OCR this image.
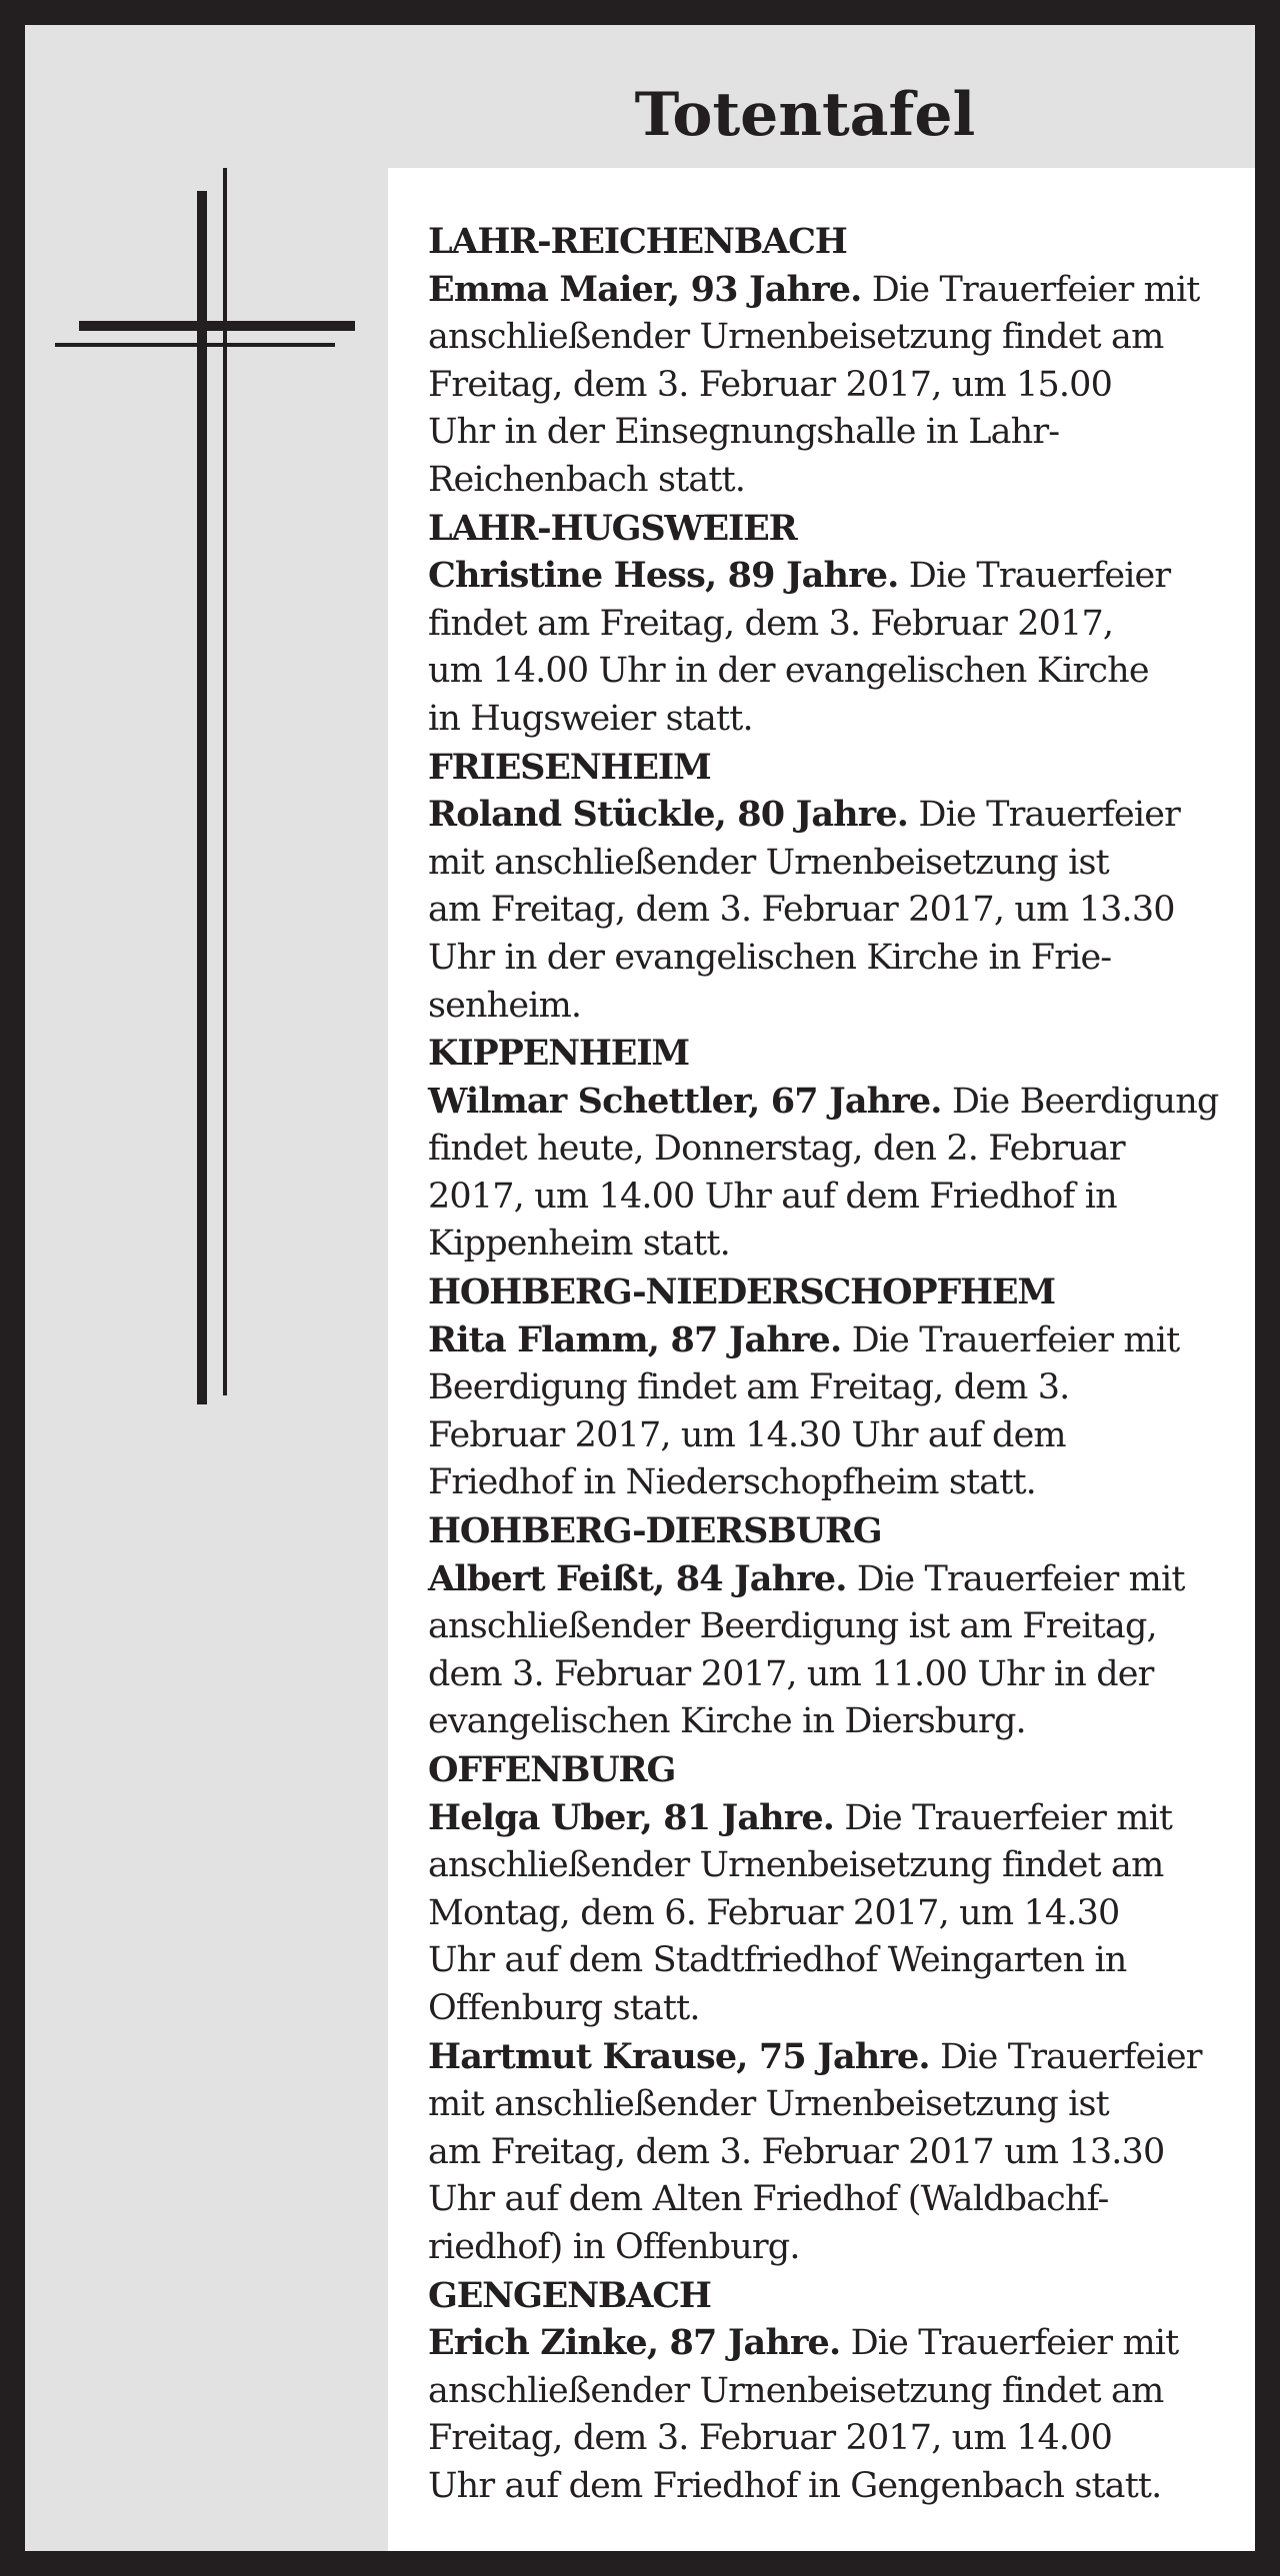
Totentafel
LAHR-REICHENBACH
Emma Maier, 93 Jahre. Die Trauerfeier mit
anschließender Urnenbeisetzung findet am
Freitag, dem 3. Februar 2017, um 15.00
Uhr in der Einsegnungshalle in Lahr-
Reichenbach statt.
LAHR-HUGSWEIER
Christine Hess, 89 Jahre. Die Trauerfeier
findet am Freitag, dem 3. Februar 2017,
um 14.00 Uhr in der evangelischen Kirche
in Hugsweier statt.
FRIESENHEIM
Roland Stückle, 80 Jahre. Die Trauerfeier
mit anschließender Urnenbeisetzung ist
am Freitag, dem 3. Februar 2017, um 13.30
Uhr in der evangelischen Kirche in Frie-
senheim.
KIPPENHEIM
Wilmar Schettler, 67 Jahre. Die Beerdigung
findet heute, Donnerstag, den 2. Februar
2017, um 14.00 Uhr auf dem Friedhof in
Kippenheim statt.
HOHBERG-NIEDERSCHOPFHEM
Rita Flamm, 87 Jahre. Die Trauerfeier mit
Beerdigung findet am Freitag, dem 3.
Februar 2017, um 14.30 Uhr auf dem
Friedhof in Niederschopfheim statt.
HOHBERG-DIERSBURG
Albert Feißt, 84 Jahre. Die Trauerfeier mit
anschließender Beerdigung ist am Freitag,
dem 3. Februar 2017, um 11.00 Uhr in der
evangelischen Kirche in Diersburg.
OFFENBURG
Helga Uber, 81 Jahre. Die Trauerfeier mit
anschließender Urnenbeisetzung findet am
Montag, dem 6. Februar 2017, um 14.30
Uhr auf dem Stadtfriedhof Weingarten in
Offenburg statt.
Hartmut Krause, 75 Jahre. Die Trauerfeier
mit anschließender Urnenbeisetzung ist
am Freitag, dem 3. Februar 2017 um 13.30
Uhr auf dem Alten Friedhof (Waldbachf-
riedhof) in Offenburg.
GENGENBACH
Erich Zinke, 87 Jahre. Die Trauerfeier mit
anschließender Urnenbeisetzung findet am
Freitag, dem 3. Februar 2017, um 14.00
Uhr auf dem Friedhof in Gengenbach statt.
